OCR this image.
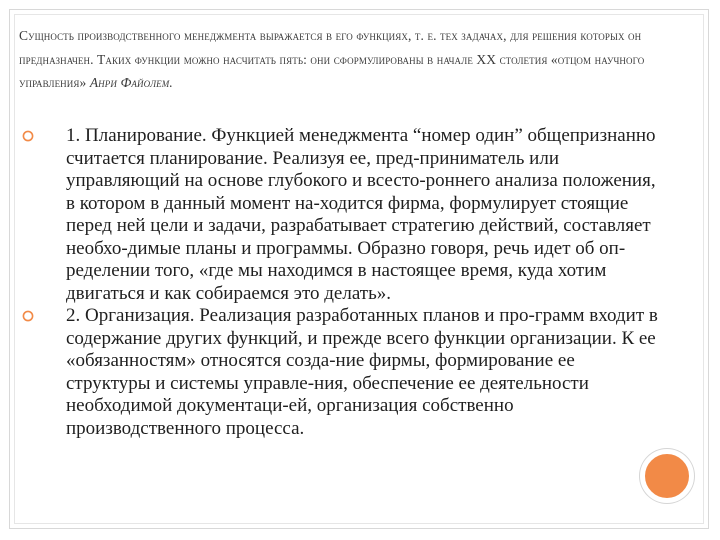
Сущность производственного менеджмента выражается в его функциях, т. е. тех задачах, для решения которых он предназначен. Таких функции можно насчитать пять: они сформулированы в начале ХХ столетия «отцом научного управления» Анри Файолем.

1. Планирование. Функцией менеджмента “номер один” общепризнанно считается планирование. Реализуя ее, пред-приниматель или управляющий на основе глубокого и всесто-роннего анализа положения, в котором в данный момент на-ходится фирма, формулирует стоящие перед ней цели и задачи, разрабатывает стратегию действий, составляет необхо-димые планы и программы. Образно говоря, речь идет об оп-ределении того, «где мы находимся в настоящее время, куда хотим двигаться и как собираемся это делать».
2. Организация. Реализация разработанных планов и про-грамм входит в содержание других функций, и прежде всего функции организации. К ее «обязанностям» относятся созда-ние фирмы, формирование ее структуры и системы управле-ния, обеспечение ее деятельности необходимой документаци-ей, организация собственно производственного процесса.
